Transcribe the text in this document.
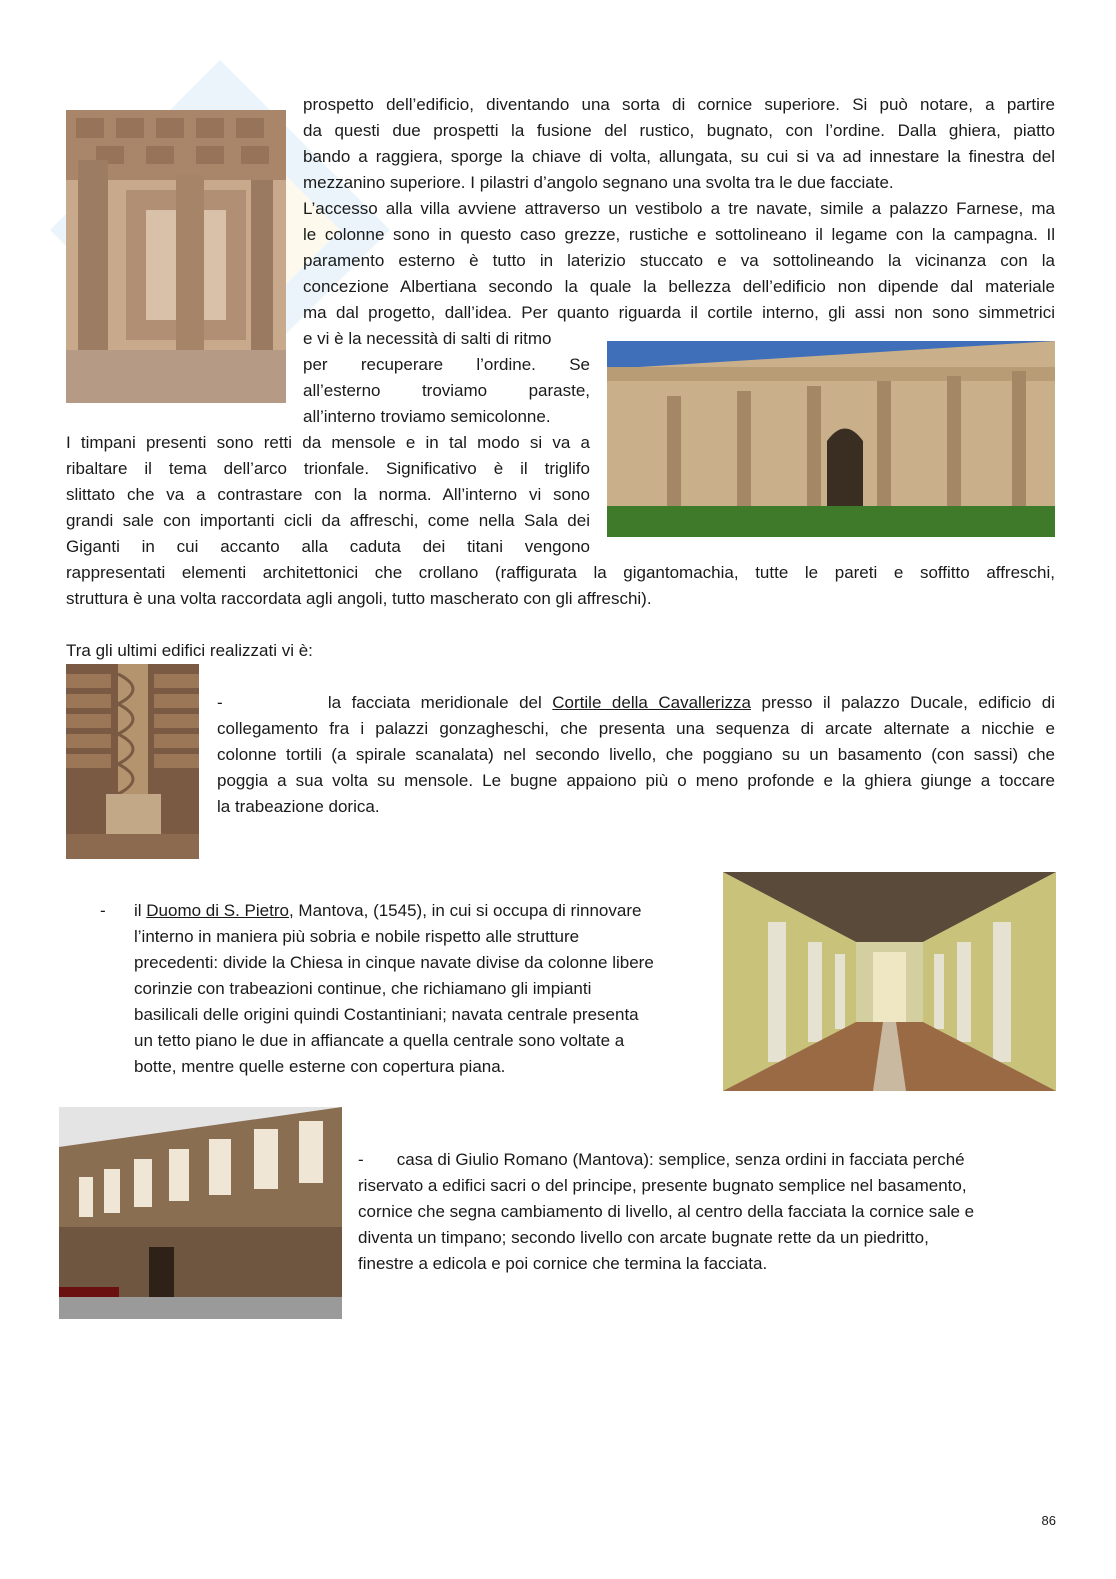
prospetto dell’edificio, diventando una sorta di cornice superiore. Si può notare, a partire
da questi due prospetti la fusione del rustico, bugnato, con l’ordine. Dalla ghiera, piatto
bando a raggiera, sporge la chiave di volta, allungata, su cui si va ad innestare la finestra del
mezzanino superiore. I pilastri d’angolo segnano una svolta tra le due facciate.
L’accesso alla villa avviene attraverso un vestibolo a tre navate, simile a palazzo Farnese, ma
le colonne sono in questo caso grezze, rustiche e sottolineano il legame con la campagna. Il
paramento esterno è tutto in laterizio stuccato e va sottolineando la vicinanza con la
concezione Albertiana secondo la quale la bellezza dell’edificio non dipende dal materiale
ma dal progetto, dall’idea. Per quanto riguarda il cortile interno, gli assi non sono simmetrici
e vi è la necessità di salti di ritmo
per recuperare l’ordine. Se
all’esterno troviamo paraste,
all’interno troviamo semicolonne.
I timpani presenti sono retti da mensole e in tal modo si va a
ribaltare il tema dell’arco trionfale. Significativo è il triglifo
slittato che va a contrastare con la norma. All’interno vi sono
grandi sale con importanti cicli da affreschi, come nella Sala dei
Giganti in cui accanto alla caduta dei titani vengono
rappresentati elementi architettonici che crollano (raffigurata la gigantomachia, tutte le pareti e soffitto affreschi,
struttura è una volta raccordata agli angoli, tutto mascherato con gli affreschi).
Tra gli ultimi edifici realizzati vi è:
-	la facciata meridionale del Cortile della Cavallerizza presso il palazzo Ducale, edificio di
collegamento fra i palazzi gonzagheschi, che presenta una sequenza di arcate alternate a nicchie e
colonne tortili (a spirale scanalata) nel secondo livello, che poggiano su un basamento (con sassi) che
poggia a sua volta su mensole. Le bugne appaiono più o meno profonde e la ghiera giunge a toccare
la trabeazione dorica.
- il Duomo di S. Pietro, Mantova, (1545), in cui si occupa di rinnovare
l’interno in maniera più sobria e nobile rispetto alle strutture
precedenti: divide la Chiesa in cinque navate divise da colonne libere
corinzie con trabeazioni continue, che richiamano gli impianti
basilicali delle origini quindi Costantiniani; navata centrale presenta
un tetto piano le due in affiancate a quella centrale sono voltate a
botte, mentre quelle esterne con copertura piana.
- casa di Giulio Romano (Mantova): semplice, senza ordini in facciata perché
riservato a edifici sacri o del principe, presente bugnato semplice nel basamento,
cornice che segna cambiamento di livello, al centro della facciata la cornice sale e
diventa un timpano; secondo livello con arcate bugnate rette da un piedritto,
finestre a edicola e poi cornice che termina la facciata.
86
